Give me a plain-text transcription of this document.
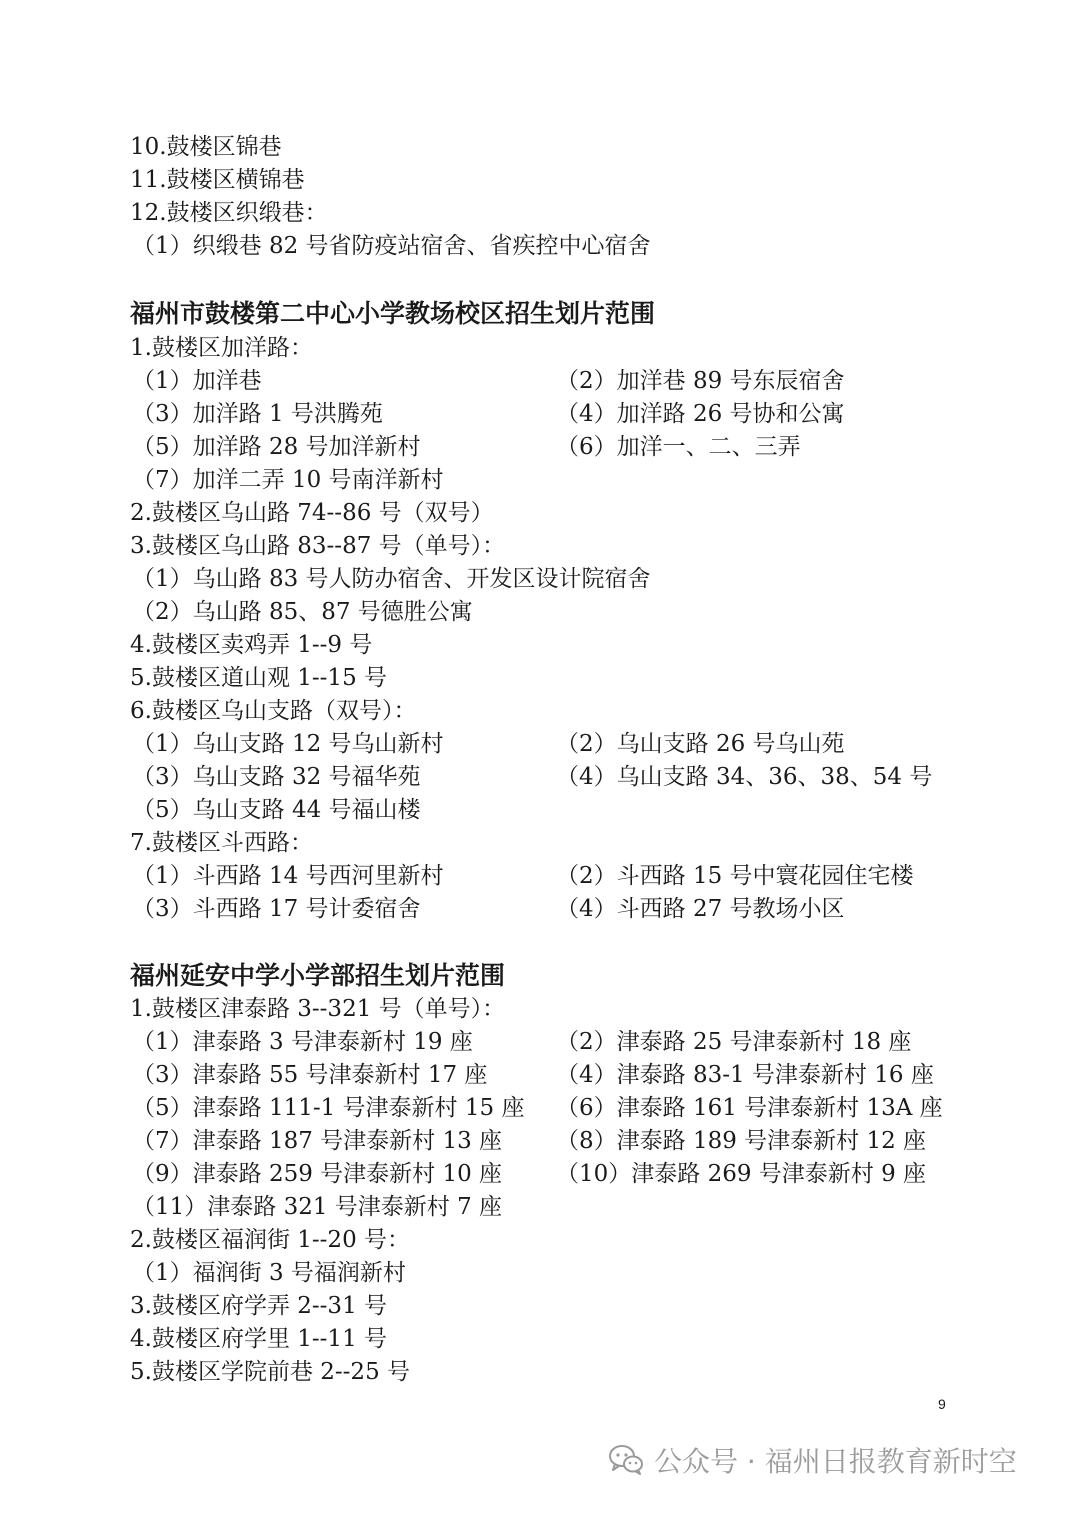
10.鼓楼区锦巷
11.鼓楼区横锦巷
12.鼓楼区织缎巷：
（1）织缎巷 82 号省防疫站宿舍、省疾控中心宿舍
福州市鼓楼第二中心小学教场校区招生划片范围
1.鼓楼区加洋路：
（1）加洋巷	（2）加洋巷 89 号东辰宿舍
（3）加洋路 1 号洪腾苑	（4）加洋路 26 号协和公寓
（5）加洋路 28 号加洋新村	（6）加洋一、二、三弄
（7）加洋二弄 10 号南洋新村
2.鼓楼区乌山路 74--86 号（双号）
3.鼓楼区乌山路 83--87 号（单号）：
（1）乌山路 83 号人防办宿舍、开发区设计院宿舍
（2）乌山路 85、87 号德胜公寓
4.鼓楼区卖鸡弄 1--9 号
5.鼓楼区道山观 1--15 号
6.鼓楼区乌山支路（双号）：
（1）乌山支路 12 号乌山新村	（2）乌山支路 26 号乌山苑
（3）乌山支路 32 号福华苑	（4）乌山支路 34、36、38、54 号
（5）乌山支路 44 号福山楼
7.鼓楼区斗西路：
（1）斗西路 14 号西河里新村	（2）斗西路 15 号中寰花园住宅楼
（3）斗西路 17 号计委宿舍	（4）斗西路 27 号教场小区
福州延安中学小学部招生划片范围
1.鼓楼区津泰路 3--321 号（单号）：
（1）津泰路 3 号津泰新村 19 座	（2）津泰路 25 号津泰新村 18 座
（3）津泰路 55 号津泰新村 17 座	（4）津泰路 83-1 号津泰新村 16 座
（5）津泰路 111-1 号津泰新村 15 座 （6）津泰路 161 号津泰新村 13A 座
（7）津泰路 187 号津泰新村 13 座 （8）津泰路 189 号津泰新村 12 座
（9）津泰路 259 号津泰新村 10 座 （10）津泰路 269 号津泰新村 9 座
（11）津泰路 321 号津泰新村 7 座
2.鼓楼区福润街 1--20 号：
（1）福润街 3 号福润新村
3.鼓楼区府学弄 2--31 号
4.鼓楼区府学里 1--11 号
5.鼓楼区学院前巷 2--25 号
9
公众号 · 福州日报教育新时空
